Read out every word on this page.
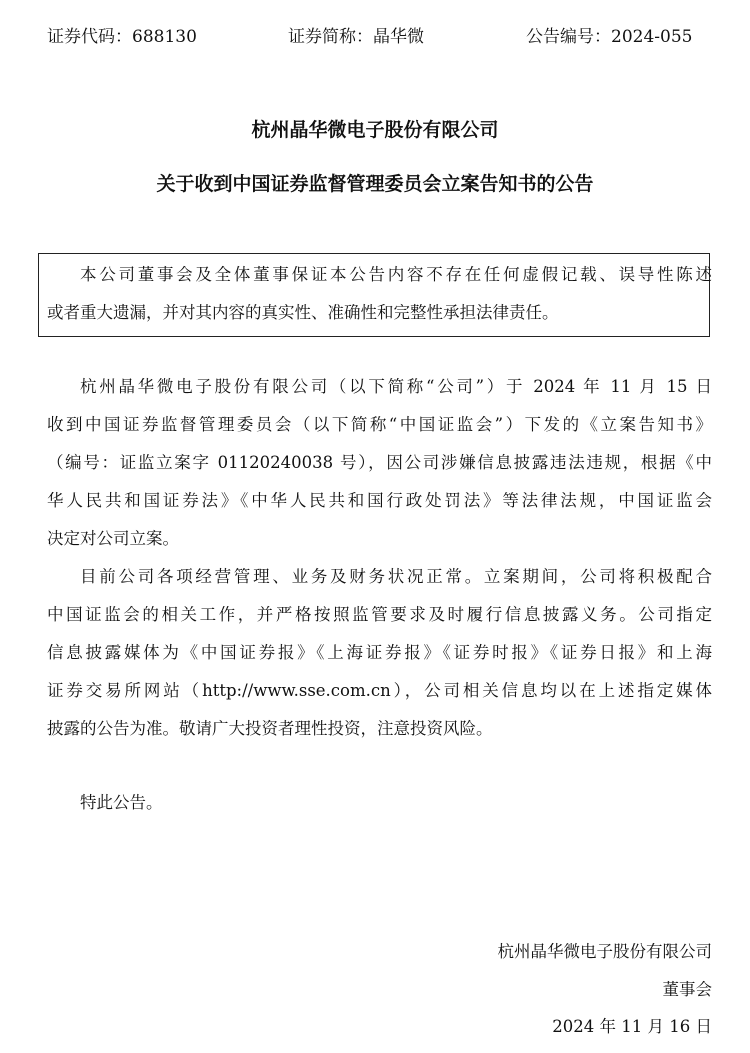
证券代码：688130	证券简称：晶华微	公告编号：2024-055
杭州晶华微电子股份有限公司
关于收到中国证券监督管理委员会立案告知书的公告
本公司董事会及全体董事保证本公告内容不存在任何虚假记载、误导性陈述
或者重大遗漏，并对其内容的真实性、准确性和完整性承担法律责任。
杭州晶华微电子股份有限公司（以下简称“公司”）于 2024 年 11 月 15 日
收到中国证券监督管理委员会（以下简称“中国证监会”）下发的《立案告知书》
（编号：证监立案字 01120240038 号），因公司涉嫌信息披露违法违规，根据《中
华人民共和国证券法》《中华人民共和国行政处罚法》等法律法规，中国证监会
决定对公司立案。
目前公司各项经营管理、业务及财务状况正常。立案期间，公司将积极配合
中国证监会的相关工作，并严格按照监管要求及时履行信息披露义务。公司指定
信息披露媒体为《中国证券报》《上海证券报》《证券时报》《证券日报》和上海
证券交易所网站（http://www.sse.com.cn），公司相关信息均以在上述指定媒体
披露的公告为准。敬请广大投资者理性投资，注意投资风险。
特此公告。
杭州晶华微电子股份有限公司
董事会
2024 年 11 月 16 日
